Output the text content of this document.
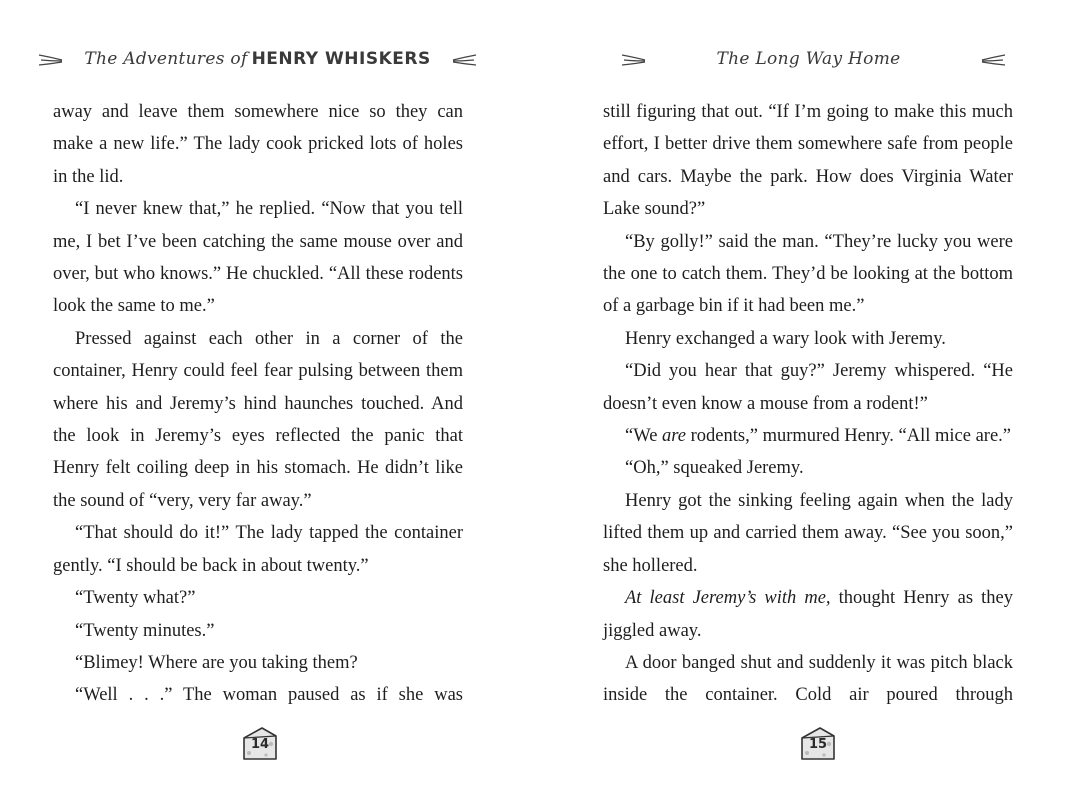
The Adventures of HENRY WHISKERS

away and leave them somewhere nice so they can make a new life.” The lady cook pricked lots of holes in the lid.

“I never knew that,” he replied. “Now that you tell me, I bet I’ve been catching the same mouse over and over, but who knows.” He chuckled. “All these rodents look the same to me.”

Pressed against each other in a corner of the container, Henry could feel fear pulsing between them where his and Jeremy’s hind haunches touched. And the look in Jeremy’s eyes reflected the panic that Henry felt coiling deep in his stomach. He didn’t like the sound of “very, very far away.”

“That should do it!” The lady tapped the container gently. “I should be back in about twenty.”

“Twenty what?”

“Twenty minutes.”

“Blimey! Where are you taking them?

“Well . . .” The woman paused as if she was

14
The Long Way Home

still figuring that out. “If I’m going to make this much effort, I better drive them somewhere safe from people and cars. Maybe the park. How does Virginia Water Lake sound?”

“By golly!” said the man. “They’re lucky you were the one to catch them. They’d be looking at the bottom of a garbage bin if it had been me.”

Henry exchanged a wary look with Jeremy.

“Did you hear that guy?” Jeremy whispered. “He doesn’t even know a mouse from a rodent!”

“We are rodents,” murmured Henry. “All mice are.”

“Oh,” squeaked Jeremy.

Henry got the sinking feeling again when the lady lifted them up and carried them away. “See you soon,” she hollered.

At least Jeremy’s with me, thought Henry as they jiggled away.

A door banged shut and suddenly it was pitch black inside the container. Cold air poured through

15
